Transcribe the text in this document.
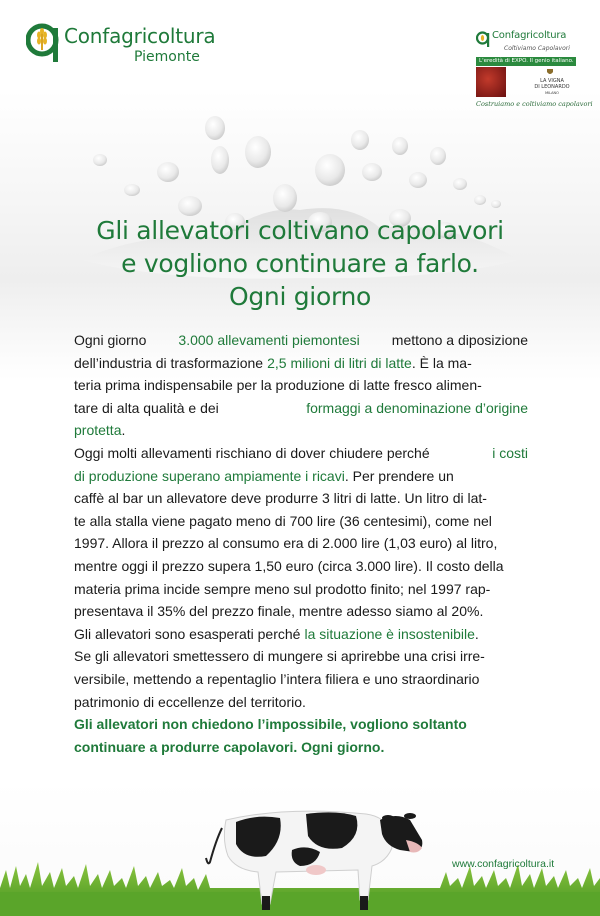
Confagricoltura
Piemonte
Confagricoltura
Coltiviamo Capolavori
L'eredità di EXPO. Il genio italiano.
LA VIGNA
DI LEONARDO
MILANO
Costruiamo e coltiviamo capolavori
Gli allevatori coltivano capolavori
e vogliono continuare a farlo.
Ogni giorno
Ogni giorno 3.000 allevamenti piemontesi mettono a diposizione
dell’industria di trasformazione 2,5 milioni di litri di latte . È la ma-
teria prima indispensabile per la produzione di latte fresco alimen-
tare di alta qualità e dei	formaggi a denominazione d’origine
protetta .
Oggi molti allevamenti rischiano di dover chiudere perché	i costi
di produzione superano ampiamente i ricavi . Per prendere un
caffè al bar un allevatore deve produrre 3 litri di latte. Un litro di lat-
te alla stalla viene pagato meno di 700 lire (36 centesimi), come nel
1997. Allora il prezzo al consumo era di 2.000 lire (1,03 euro) al litro,
mentre oggi il prezzo supera 1,50 euro (circa 3.000 lire). Il costo della
materia prima incide sempre meno sul prodotto finito; nel 1997 rap-
presentava il 35% del prezzo finale, mentre adesso siamo al 20%.
Gli allevatori sono esasperati perché la situazione è insostenibile .
Se gli allevatori smettessero di mungere si aprirebbe una crisi irre-
versibile, mettendo a repentaglio l’intera filiera e uno straordinario
patrimonio di eccellenze del territorio.
Gli allevatori non chiedono l’impossibile, vogliono soltanto
continuare a produrre capolavori. Ogni giorno.
www.confagricoltura.it
